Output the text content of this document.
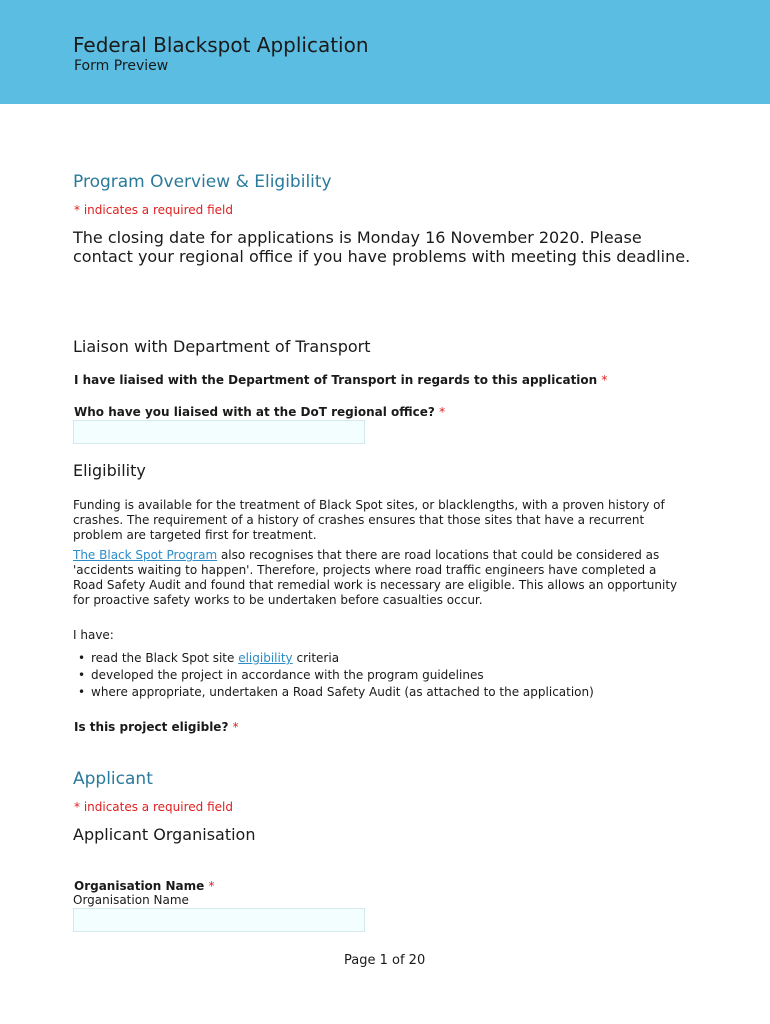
Federal Blackspot Application
Form Preview
Program Overview & Eligibility
* indicates a required field
The closing date for applications is Monday 16 November 2020. Please contact your regional office if you have problems with meeting this deadline.
Liaison with Department of Transport
I have liaised with the Department of Transport in regards to this application *
Who have you liaised with at the DoT regional office? *
Eligibility
Funding is available for the treatment of Black Spot sites, or blacklengths, with a proven history of crashes. The requirement of a history of crashes ensures that those sites that have a recurrent problem are targeted first for treatment.
The Black Spot Program also recognises that there are road locations that could be considered as 'accidents waiting to happen'. Therefore, projects where road traffic engineers have completed a Road Safety Audit and found that remedial work is necessary are eligible. This allows an opportunity for proactive safety works to be undertaken before casualties occur.
I have:
• read the Black Spot site eligibility criteria
• developed the project in accordance with the program guidelines
• where appropriate, undertaken a Road Safety Audit (as attached to the application)
Is this project eligible? *
Applicant
* indicates a required field
Applicant Organisation
Organisation Name *
Organisation Name
Page 1 of 20
